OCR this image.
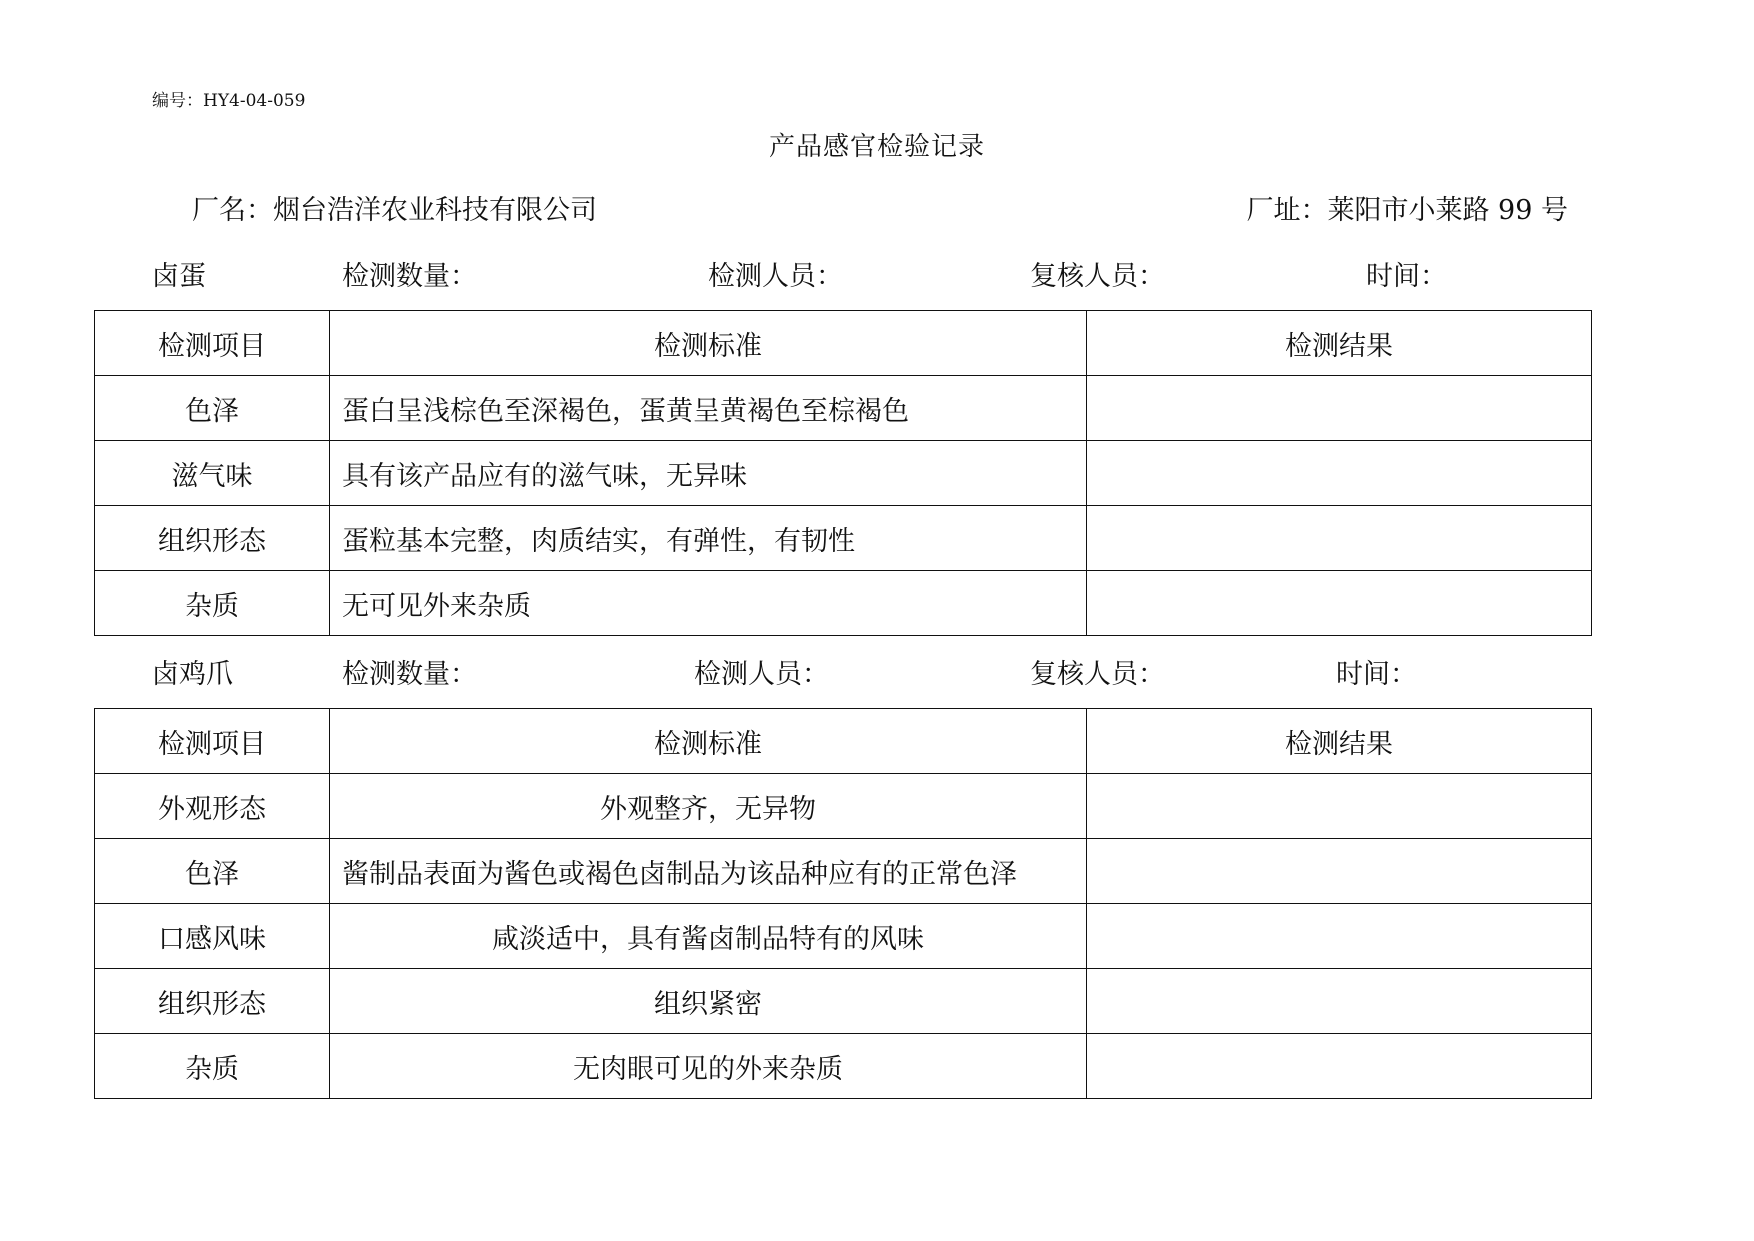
编号：HY4-04-059
产品感官检验记录
厂名：烟台浩洋农业科技有限公司	厂址：莱阳市小莱路 99 号
卤蛋	检测数量：	检测人员：	复核人员：	时间：
检测项目	检测标准	检测结果
色泽	蛋白呈浅棕色至深褐色，蛋黄呈黄褐色至棕褐色	
滋气味	具有该产品应有的滋气味，无异味	
组织形态	蛋粒基本完整，肉质结实，有弹性，有韧性	
杂质	无可见外来杂质	
卤鸡爪	检测数量：	检测人员：	复核人员：	时间：
检测项目	检测标准	检测结果
外观形态	外观整齐，无异物	
色泽	酱制品表面为酱色或褐色卤制品为该品种应有的正常色泽	
口感风味	咸淡适中，具有酱卤制品特有的风味	
组织形态	组织紧密	
杂质	无肉眼可见的外来杂质	
